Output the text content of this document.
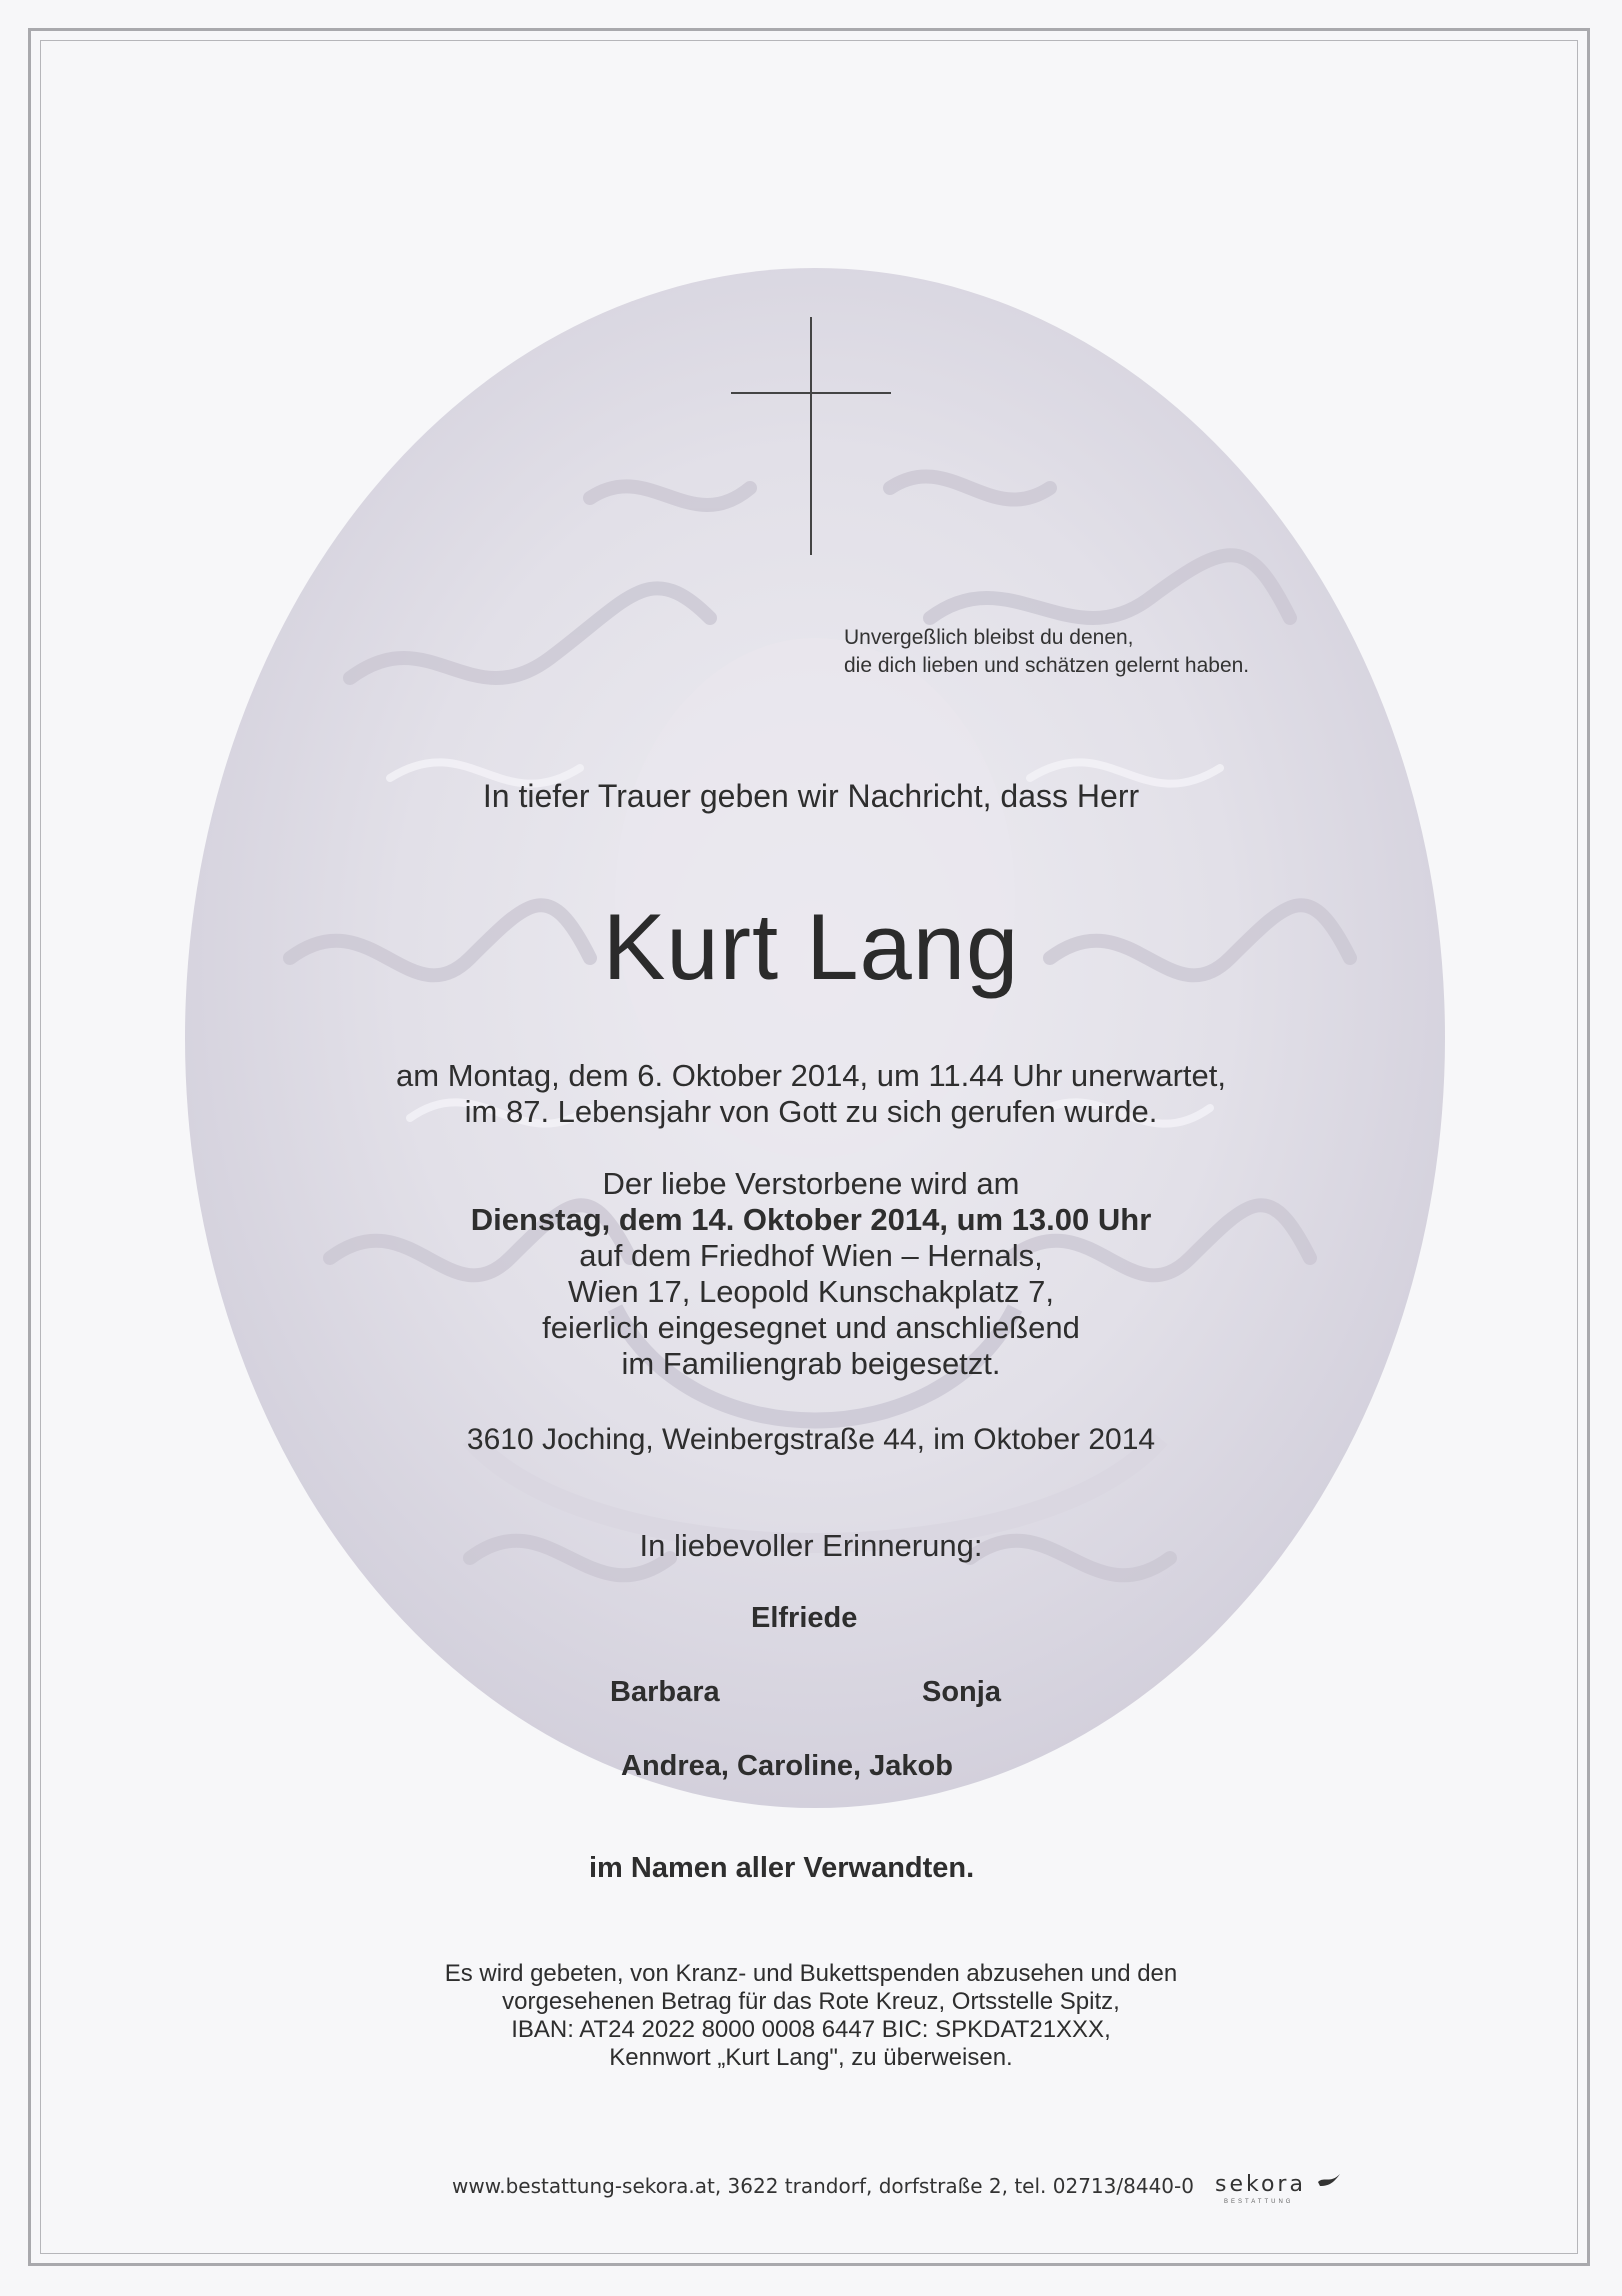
Unvergeßlich bleibst du denen,
die dich lieben und schätzen gelernt haben.
In tiefer Trauer geben wir Nachricht, dass Herr
Kurt Lang
am Montag, dem 6. Oktober 2014, um 11.44 Uhr unerwartet,
im 87. Lebensjahr von Gott zu sich gerufen wurde.
Der liebe Verstorbene wird am
Dienstag, dem 14. Oktober 2014, um 13.00 Uhr
auf dem Friedhof Wien – Hernals,
Wien 17, Leopold Kunschakplatz 7,
feierlich eingesegnet und anschließend
im Familiengrab beigesetzt.
3610 Joching, Weinbergstraße 44, im Oktober 2014
In liebevoller Erinnerung:
Elfriede
Barbara	Sonja
Andrea, Caroline, Jakob
im Namen aller Verwandten.
Es wird gebeten, von Kranz- und Bukettspenden abzusehen und den
vorgesehenen Betrag für das Rote Kreuz, Ortsstelle Spitz,
IBAN: AT24 2022 8000 0008 6447 BIC: SPKDAT21XXX,
Kennwort „Kurt Lang", zu überweisen.
www.bestattung-sekora.at, 3622 trandorf, dorfstraße 2, tel. 02713/8440-0 sekora
BESTATTUNG
